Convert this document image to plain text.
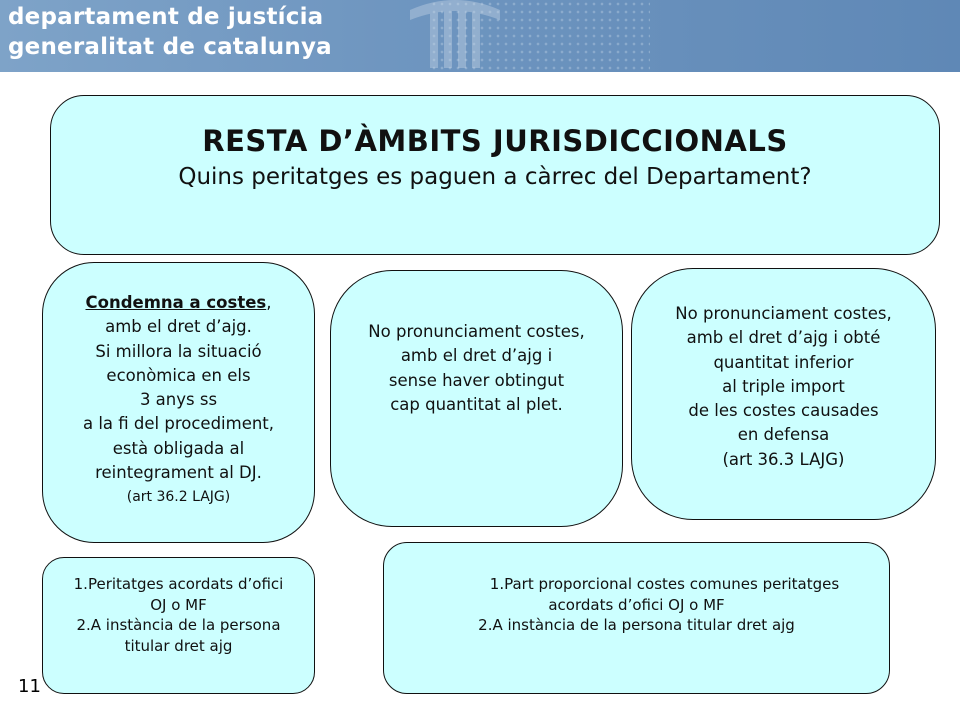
departament de justícia
generalitat de catalunya
RESTA D’ÀMBITS JURISDICCIONALS
Quins peritatges es paguen a càrrec del Departament?
Condemna a costes,
amb el dret d’ajg.
Si millora la situació
econòmica en els
3 anys ss
a la fi del procediment,
està obligada al
reintegrament al DJ.
(art 36.2 LAJG)
No pronunciament costes,
amb el dret d’ajg i
sense haver obtingut
cap quantitat al plet.
No pronunciament costes,
amb el dret d’ajg i obté
quantitat inferior
al triple import
de les costes causades
en defensa
(art 36.3 LAJG)
1.Peritatges acordats d’ofici
OJ o MF
2.A instància de la persona
titular dret ajg
1.Part proporcional costes comunes peritatges
acordats d’ofici OJ o MF
2.A instància de la persona titular dret ajg
11
